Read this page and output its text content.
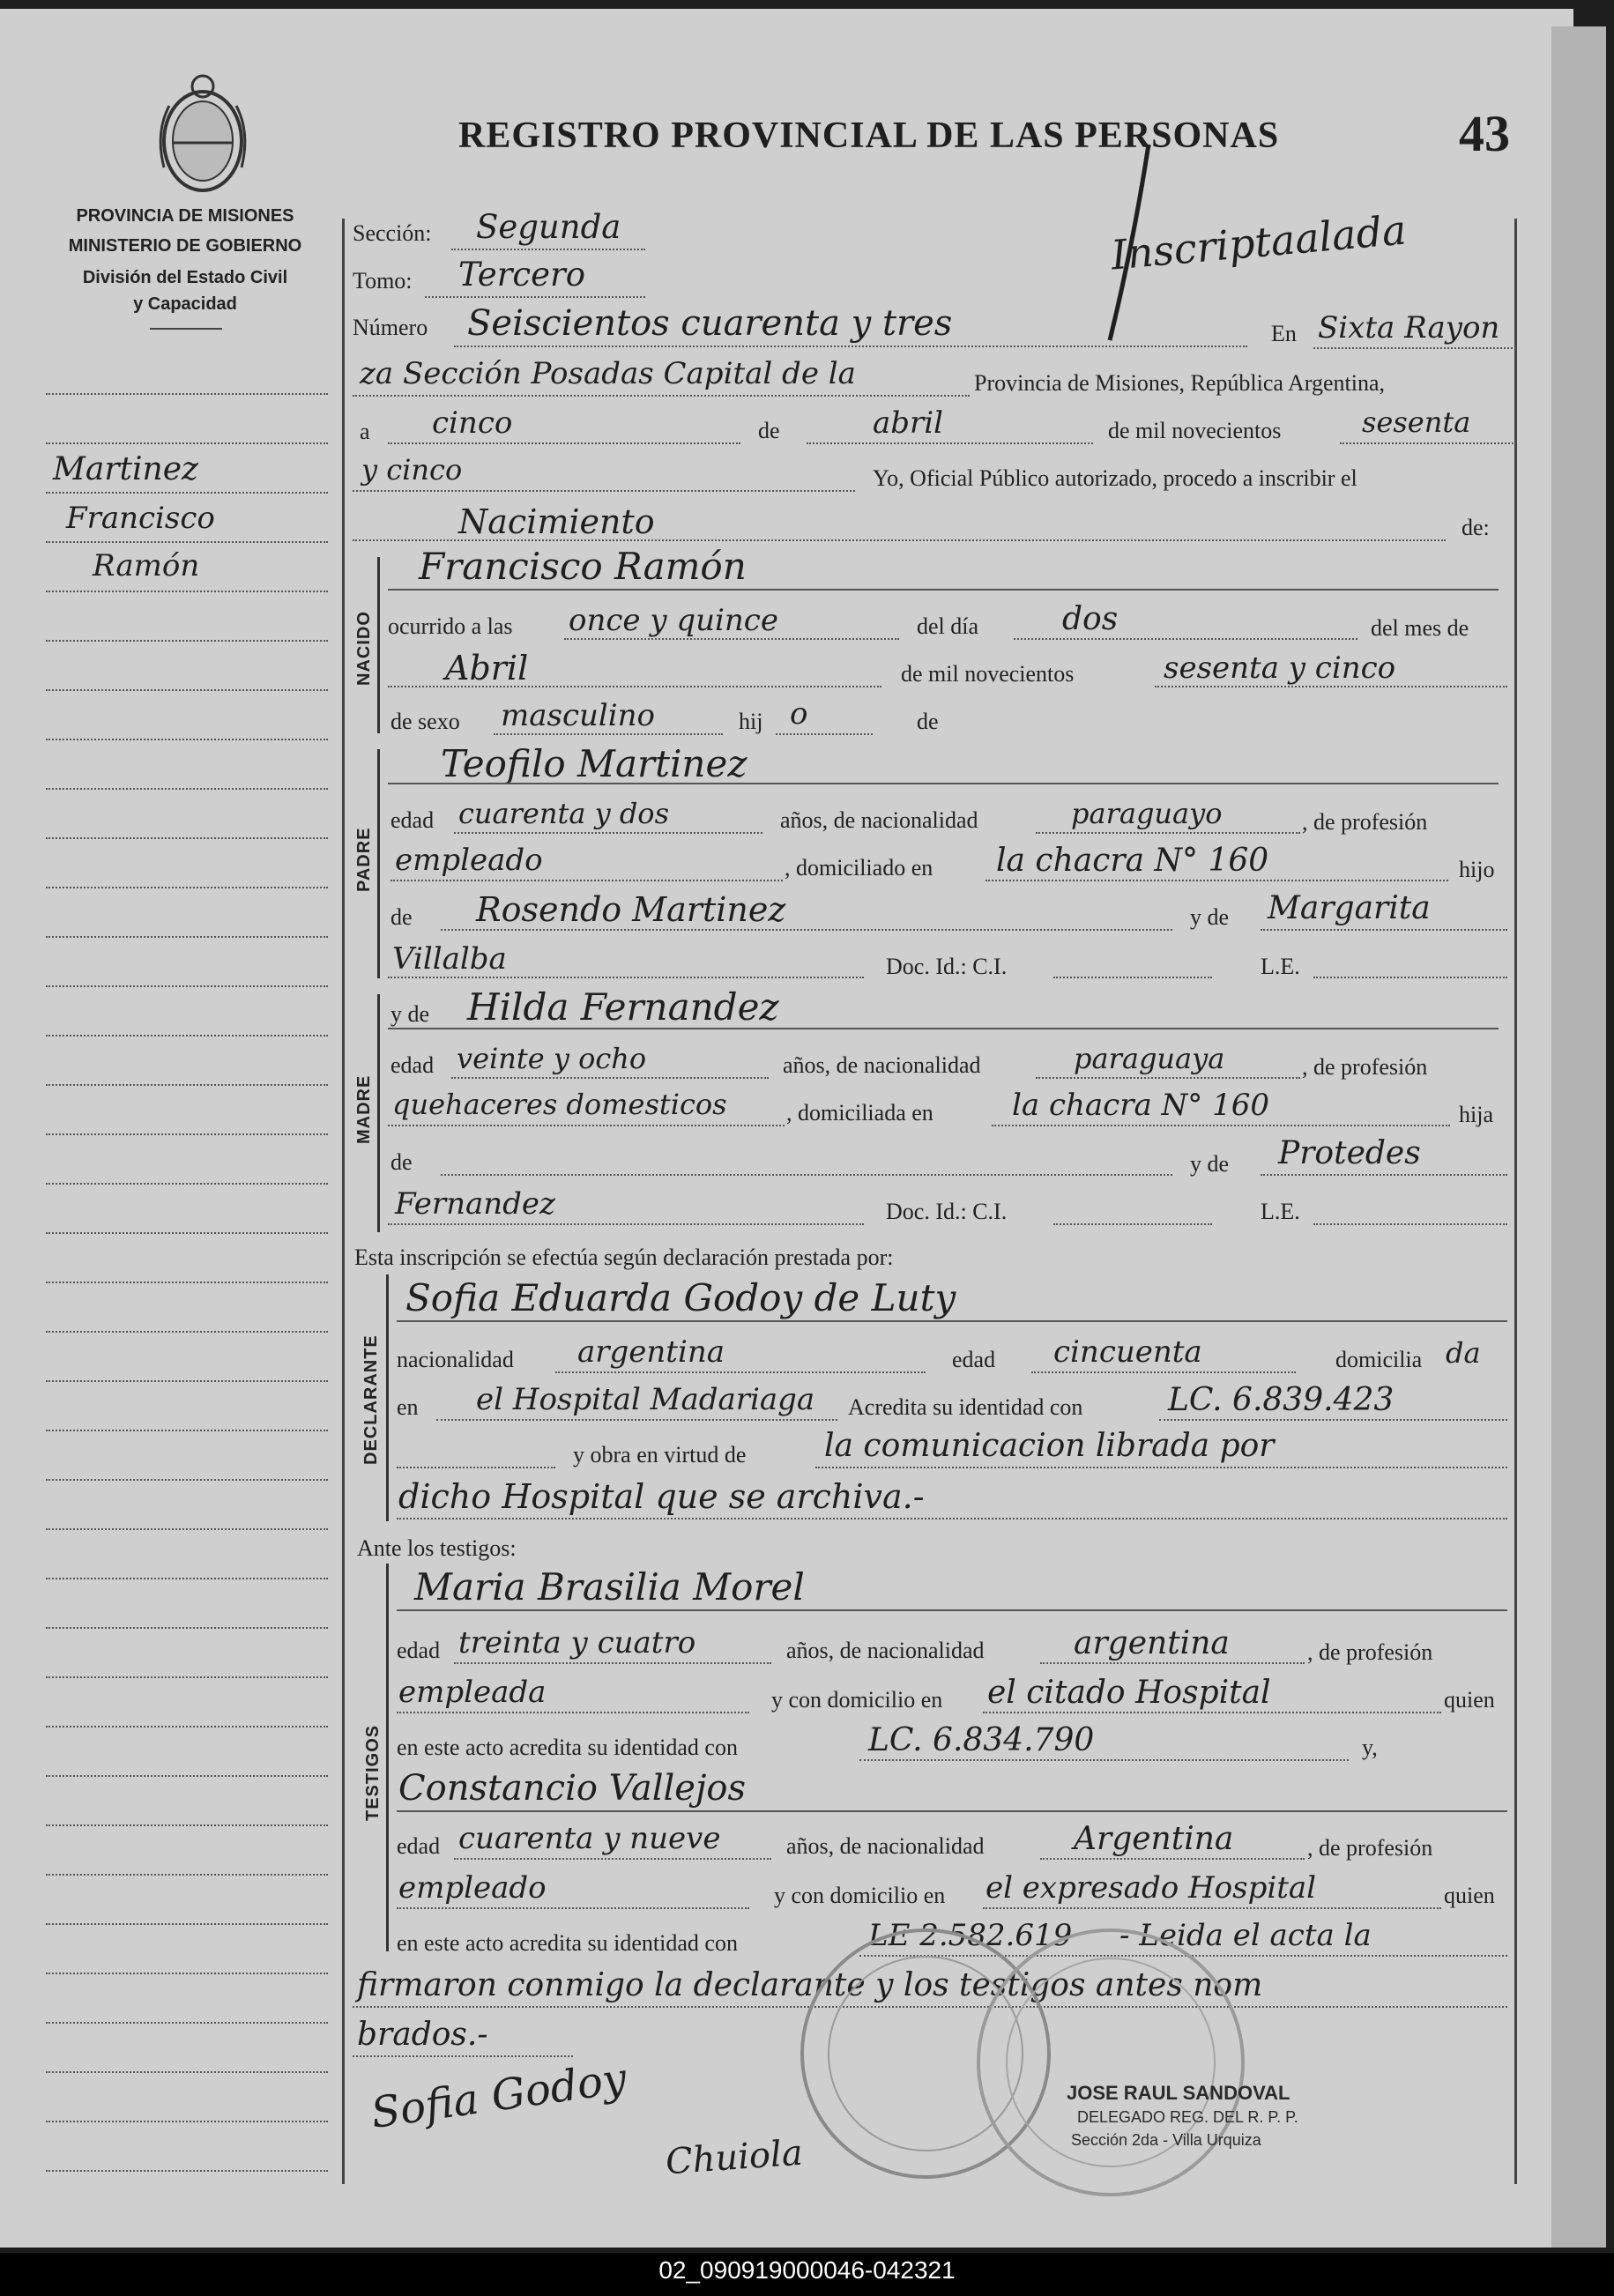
PROVINCIA DE MISIONES
MINISTERIO DE GOBIERNO
División del Estado Civil
y Capacidad
Martinez
Francisco
Ramón
REGISTRO PROVINCIAL DE LAS PERSONAS	43
Inscriptaalada
Sección: Segunda
Tomo: Tercero
Número Seiscientos cuarenta y tres	En Sixta Rayon
za Sección Posadas Capital de la	Provincia de Misiones, República Argentina,
a cinco	de	abril	de mil novecientos	sesenta
y cinco	Yo, Oficial Público autorizado, procedo a inscribir el
Nacimiento	de:
NACIDO
Francisco Ramón
ocurrido a las once y quince	del día	dos	del mes de
Abril	de mil novecientos	sesenta y cinco
de sexo masculino	hij o	de
PADRE
Teofilo Martinez
edad cuarenta y dos	años, de nacionalidad	paraguayo	, de profesión
empleado	, domiciliado en la chacra N° 160	hijo
de Rosendo Martinez	y de Margarita
Villalba	Doc. Id.: C.I.	L.E.
MADRE
y de Hilda Fernandez
edad veinte y ocho	años, de nacionalidad	paraguaya	, de profesión
quehaceres domesticos	, domiciliada en	la chacra N° 160	hija
de	y de Protedes
Fernandez	Doc. Id.: C.I.	L.E.
Esta inscripción se efectúa según declaración prestada por:
DECLARANTE
Sofia Eduarda Godoy de Luty
nacionalidad argentina	edad cincuenta	domicilia da
en el Hospital Madariaga Acredita su identidad con	LC. 6.839.423
y obra en virtud de la comunicacion librada por
dicho Hospital que se archiva.-
Ante los testigos:
TESTIGOS
Maria Brasilia Morel
edad treinta y cuatro	años, de nacionalidad	argentina	, de profesión
empleada	y con domicilio en el citado Hospital	quien
en este acto acredita su identidad con	LC. 6.834.790	y,
Constancio Vallejos
edad cuarenta y nueve	años, de nacionalidad	Argentina	, de profesión
empleado	y con domicilio en el expresado Hospital	quien
en este acto acredita su identidad con	LE 2.582.619 - Leida el acta la
firmaron conmigo la declarante y los testigos antes nom
brados.-
Sofia Godoy
Chuiola
JOSE RAUL SANDOVAL
DELEGADO REG. DEL R. P. P.
Sección 2da - Villa Urquiza
02_090919000046-042321
